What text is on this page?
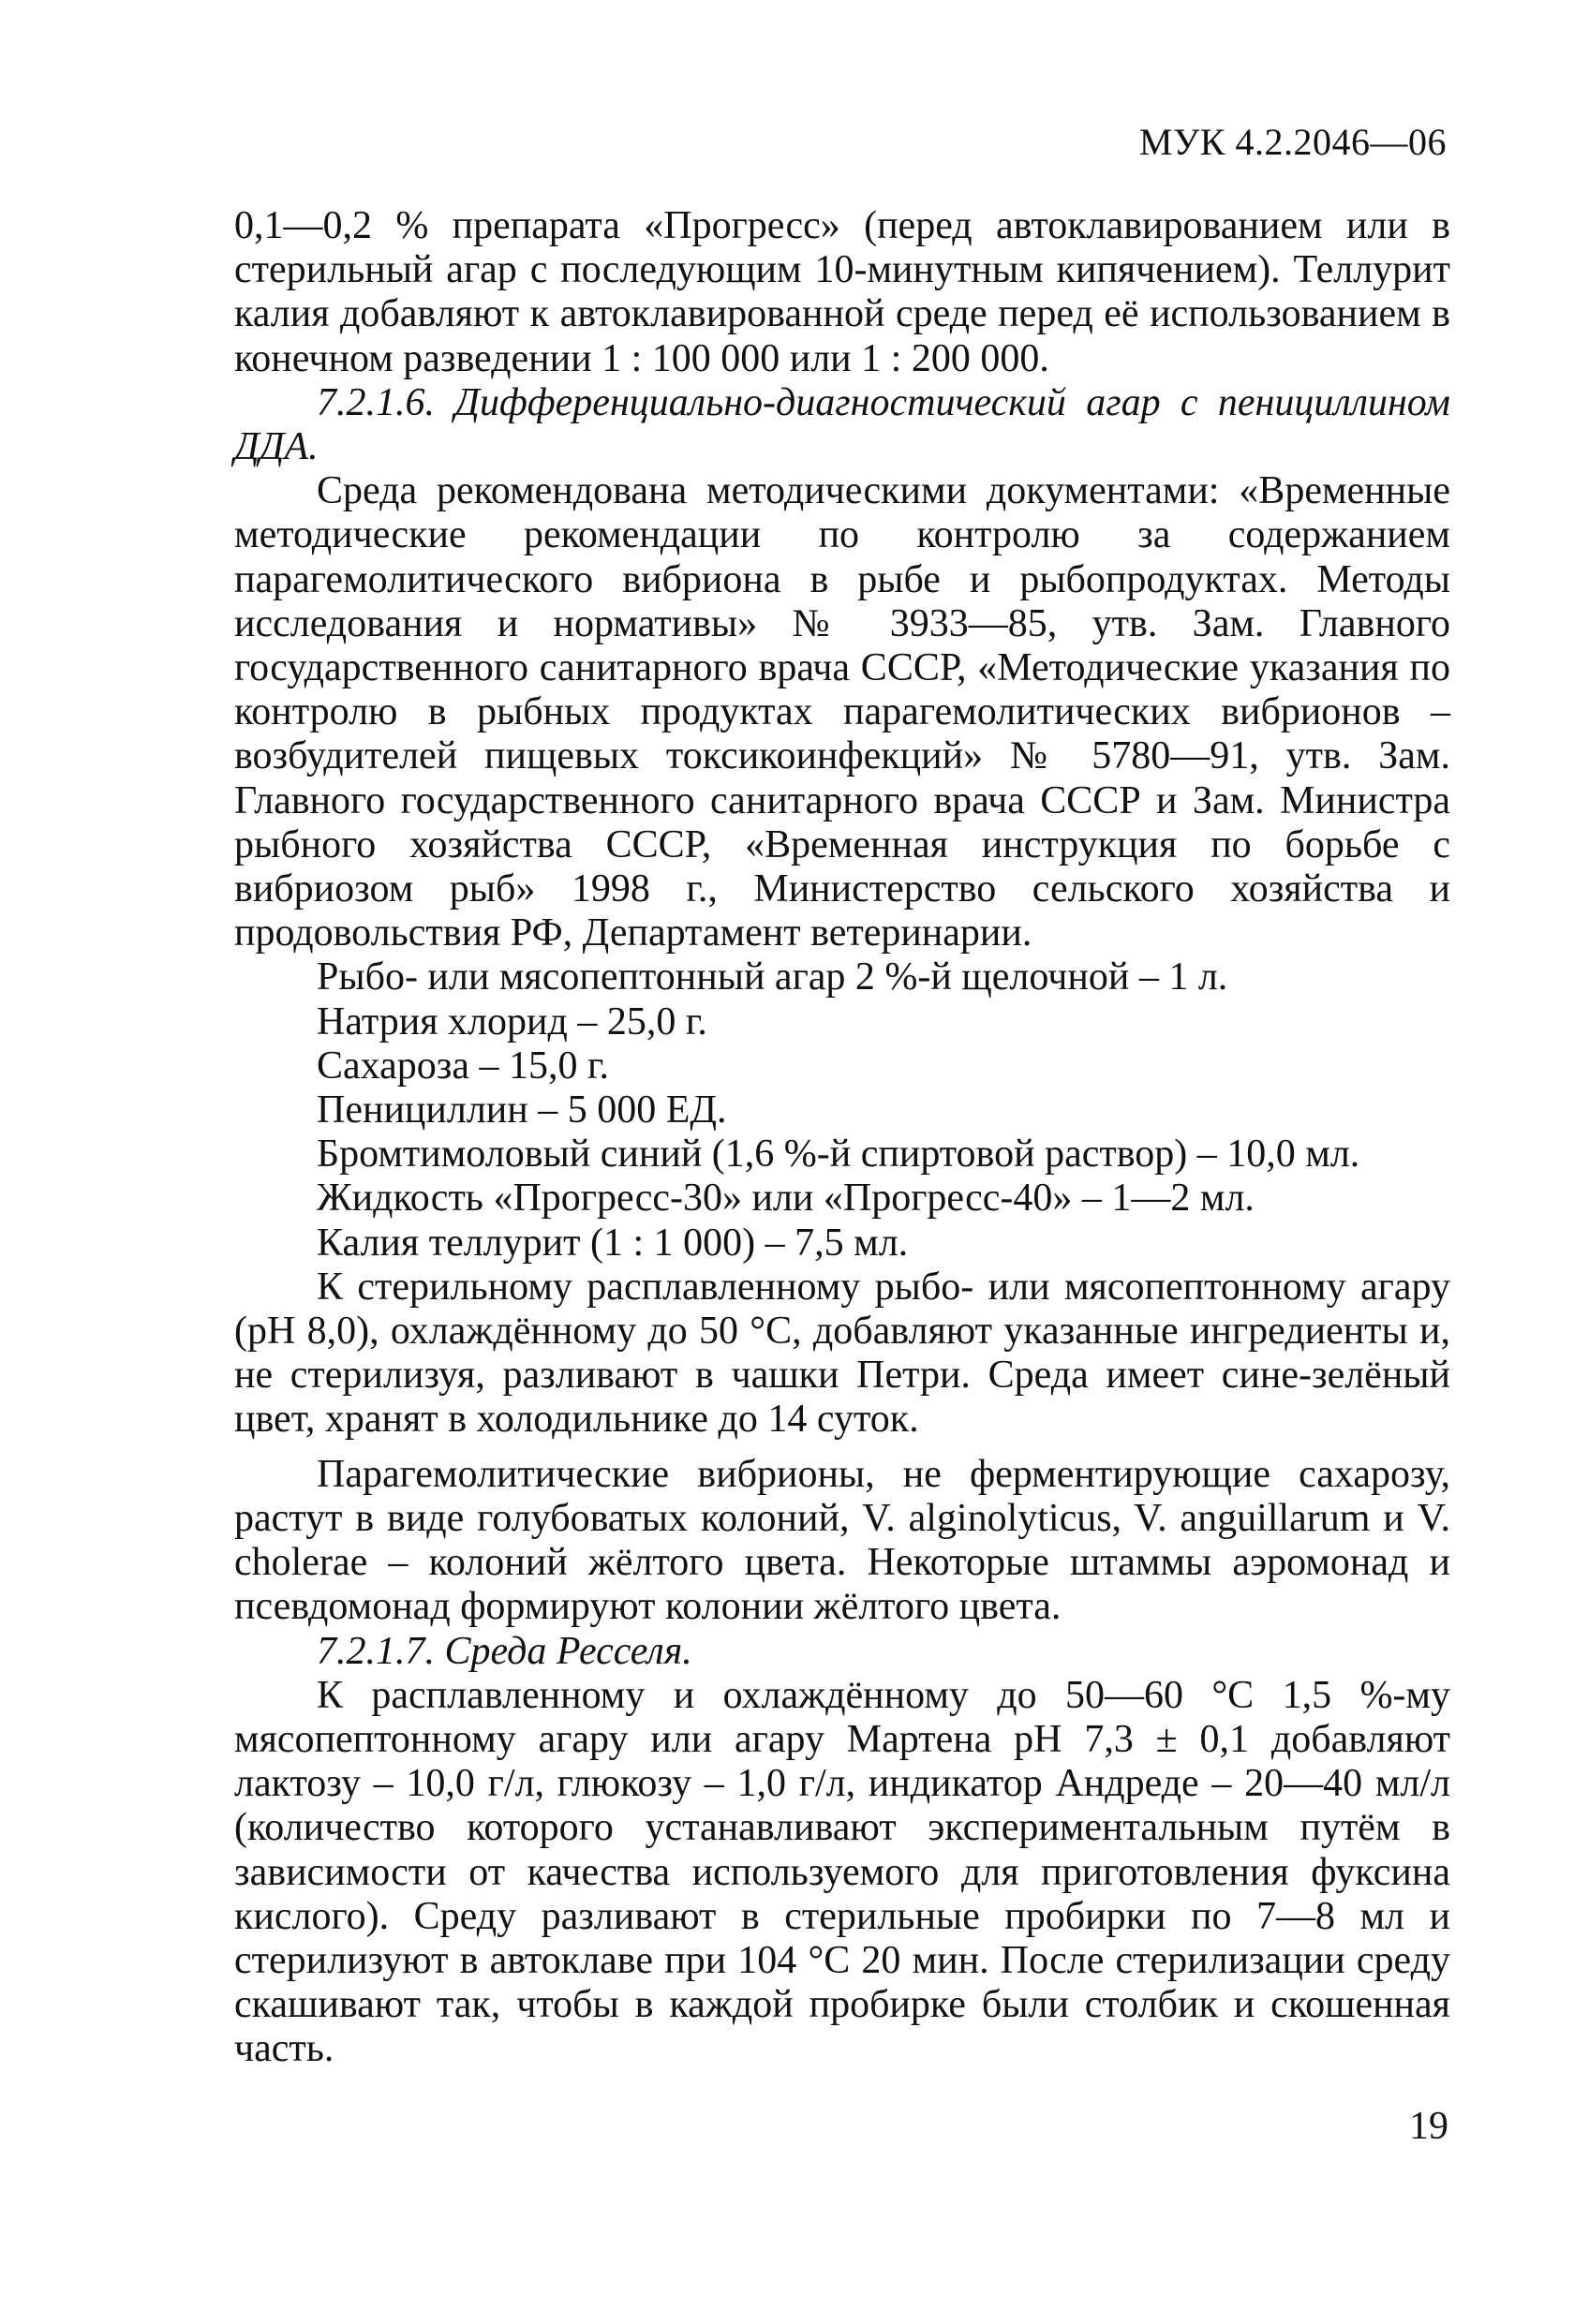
МУК 4.2.2046—06

0,1—0,2 % препарата «Прогресс» (перед автоклавированием или в стерильный агар с последующим 10-минутным кипячением). Теллурит калия добавляют к автоклавированной среде перед её использованием в конечном разведении 1 : 100 000 или 1 : 200 000.

7.2.1.6. Дифференциально-диагностический агар с пенициллином ДДА.

Среда рекомендована методическими документами: «Временные методические рекомендации по контролю за содержанием парагемолитического вибриона в рыбе и рыбопродуктах. Методы исследования и нормативы» № 3933—85, утв. Зам. Главного государственного санитарного врача СССР, «Методические указания по контролю в рыбных продуктах парагемолитических вибрионов – возбудителей пищевых токсикоинфекций» № 5780—91, утв. Зам. Главного государственного санитарного врача СССР и Зам. Министра рыбного хозяйства СССР, «Временная инструкция по борьбе с вибриозом рыб» 1998 г., Министерство сельского хозяйства и продовольствия РФ, Департамент ветеринарии.

Рыбо- или мясопептонный агар 2 %-й щелочной – 1 л.

Натрия хлорид – 25,0 г.

Сахароза – 15,0 г.

Пенициллин – 5 000 ЕД.

Бромтимоловый синий (1,6 %-й спиртовой раствор) – 10,0 мл.

Жидкость «Прогресс-30» или «Прогресс-40» – 1—2 мл.

Калия теллурит (1 : 1 000) – 7,5 мл.

К стерильному расплавленному рыбо- или мясопептонному агару (рН 8,0), охлаждённому до 50 °С, добавляют указанные ингредиенты и, не стерилизуя, разливают в чашки Петри. Среда имеет сине-зелёный цвет, хранят в холодильнике до 14 суток.

Парагемолитические вибрионы, не ферментирующие сахарозу, растут в виде голубоватых колоний, V. alginolyticus, V. anguillarum и V. cholerae – колоний жёлтого цвета. Некоторые штаммы аэромонад и псевдомонад формируют колонии жёлтого цвета.

7.2.1.7. Среда Ресселя.

К расплавленному и охлаждённому до 50—60 °С 1,5 %-му мясопептонному агару или агару Мартена рН 7,3 ± 0,1 добавляют лактозу – 10,0 г/л, глюкозу – 1,0 г/л, индикатор Андреде – 20—40 мл/л (количество которого устанавливают экспериментальным путём в зависимости от качества используемого для приготовления фуксина кислого). Среду разливают в стерильные пробирки по 7—8 мл и стерилизуют в автоклаве при 104 °С 20 мин. После стерилизации среду скашивают так, чтобы в каждой пробирке были столбик и скошенная часть.

19
